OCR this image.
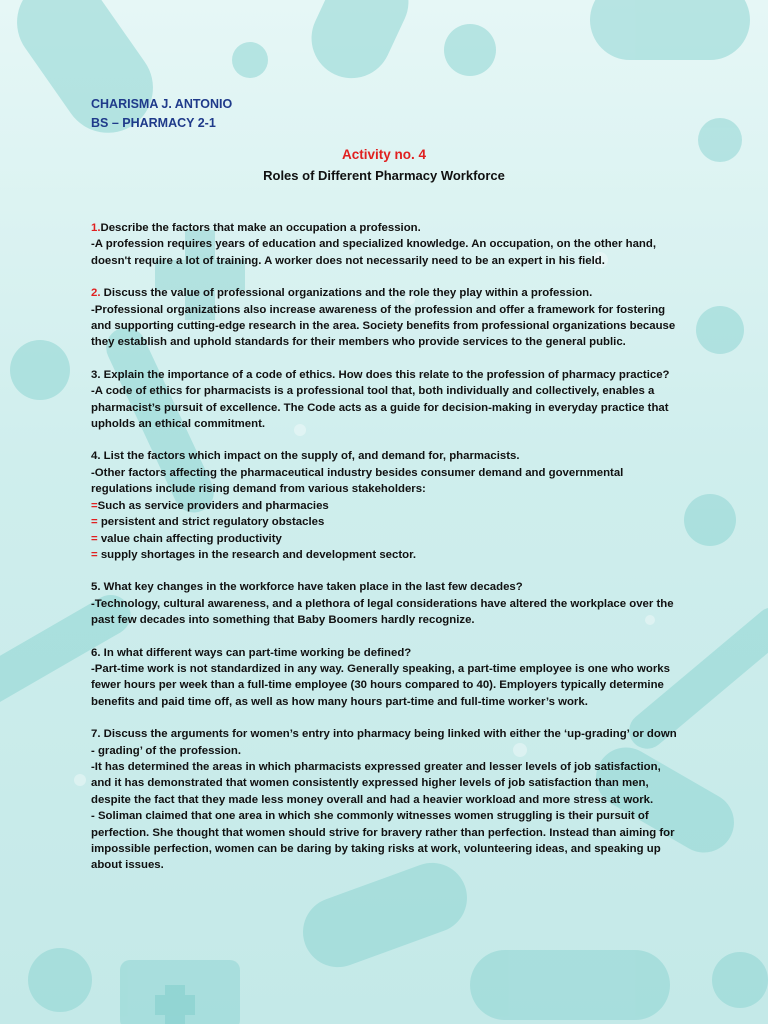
CHARISMA J. ANTONIO
BS – PHARMACY 2-1
Activity no. 4
Roles of Different Pharmacy Workforce

1.Describe the factors that make an occupation a profession.

-A profession requires years of education and specialized knowledge. An occupation, on the other hand, doesn't require a lot of training. A worker does not necessarily need to be an expert in his field.

2. Discuss the value of professional organizations and the role they play within a profession.

-Professional organizations also increase awareness of the profession and offer a framework for fostering and supporting cutting-edge research in the area. Society benefits from professional organizations because they establish and uphold standards for their members who provide services to the general public.

3. Explain the importance of a code of ethics. How does this relate to the profession of pharmacy practice?

-A code of ethics for pharmacists is a professional tool that, both individually and collectively, enables a pharmacist’s pursuit of excellence. The Code acts as a guide for decision-making in everyday practice that upholds an ethical commitment.

4. List the factors which impact on the supply of, and demand for, pharmacists.

-Other factors affecting the pharmaceutical industry besides consumer demand and governmental regulations include rising demand from various stakeholders:

=Such as service providers and pharmacies

= persistent and strict regulatory obstacles

= value chain affecting productivity

= supply shortages in the research and development sector.

5. What key changes in the workforce have taken place in the last few decades?

-Technology, cultural awareness, and a plethora of legal considerations have altered the workplace over the past few decades into something that Baby Boomers hardly recognize.

6. In what different ways can part-time working be defined?

-Part-time work is not standardized in any way. Generally speaking, a part-time employee is one who works fewer hours per week than a full-time employee (30 hours compared to 40). Employers typically determine benefits and paid time off, as well as how many hours part-time and full-time worker’s work.

7. Discuss the arguments for women’s entry into pharmacy being linked with either the ‘up-grading’ or down - grading’ of the profession.

-It has determined the areas in which pharmacists expressed greater and lesser levels of job satisfaction, and it has demonstrated that women consistently expressed higher levels of job satisfaction than men, despite the fact that they made less money overall and had a heavier workload and more stress at work.

- Soliman claimed that one area in which she commonly witnesses women struggling is their pursuit of perfection. She thought that women should strive for bravery rather than perfection. Instead than aiming for impossible perfection, women can be daring by taking risks at work, volunteering ideas, and speaking up about issues.
